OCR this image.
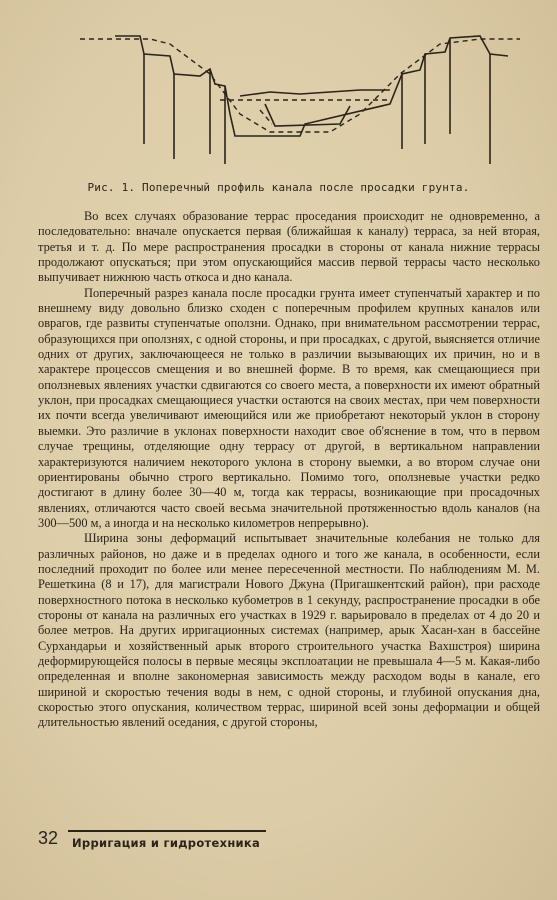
Рис. 1. Поперечный профиль канала после просадки грунта.

Во всех случаях образование террас проседания происходит не одновременно, а последовательно: вначале опускается первая (ближайшая к каналу) терраса, за ней вторая, третья и т. д. По мере распространения просадки в стороны от канала нижние террасы продолжают опускаться; при этом опускающийся массив первой террасы часто несколько выпучивает нижнюю часть откоса и дно канала.

Поперечный разрез канала после просадки грунта имеет ступенчатый характер и по внешнему виду довольно близко сходен с поперечным профилем крупных каналов или оврагов, где развиты ступенчатые оползни. Однако, при внимательном рассмотрении террас, образующихся при оползнях, с одной стороны, и при просадках, с другой, выясняется отличие одних от других, заключающееся не только в различии вызывающих их причин, но и в характере процессов смещения и во внешней форме. В то время, как смещающиеся при оползневых явлениях участки сдвигаются со своего места, а поверхности их имеют обратный уклон, при просадках смещающиеся участки остаются на своих местах, при чем поверхности их почти всегда увеличивают имеющийся или же приобретают некоторый уклон в сторону выемки. Это различие в уклонах поверхности находит свое об'яснение в том, что в первом случае трещины, отделяющие одну террасу от другой, в вертикальном направлении характеризуются наличием некоторого уклона в сторону выемки, а во втором случае они ориентированы обычно строго вертикально. Помимо того, оползневые участки редко достигают в длину более 30—40 м, тогда как террасы, возникающие при просадочных явлениях, отличаются часто своей весьма значительной протяженностью вдоль каналов (на 300—500 м, а иногда и на несколько километров непрерывно).

Ширина зоны деформаций испытывает значительные колебания не только для различных районов, но даже и в пределах одного и того же канала, в особенности, если последний проходит по более или менее пересеченной местности. По наблюдениям М. М. Решеткина (8 и 17), для магистрали Нового Джуна (Пригашкентский район), при расходе поверхностного потока в несколько кубометров в 1 секунду, распространение просадки в обе стороны от канала на различных его участках в 1929 г. варьировало в пределах от 4 до 20 и более метров. На других ирригационных системах (например, арык Хасан-хан в бассейне Сурхандарьи и хозяйственный арык второго строительного участка Вахшстроя) ширина деформирующейся полосы в первые месяцы эксплоатации не превышала 4—5 м. Какая-либо определенная и вполне закономерная зависимость между расходом воды в канале, его шириной и скоростью течения воды в нем, с одной стороны, и глубиной опускания дна, скоростью этого опускания, количеством террас, шириной всей зоны деформации и общей длительностью явлений оседания, с другой стороны,

32 Ирригация и гидротехника
